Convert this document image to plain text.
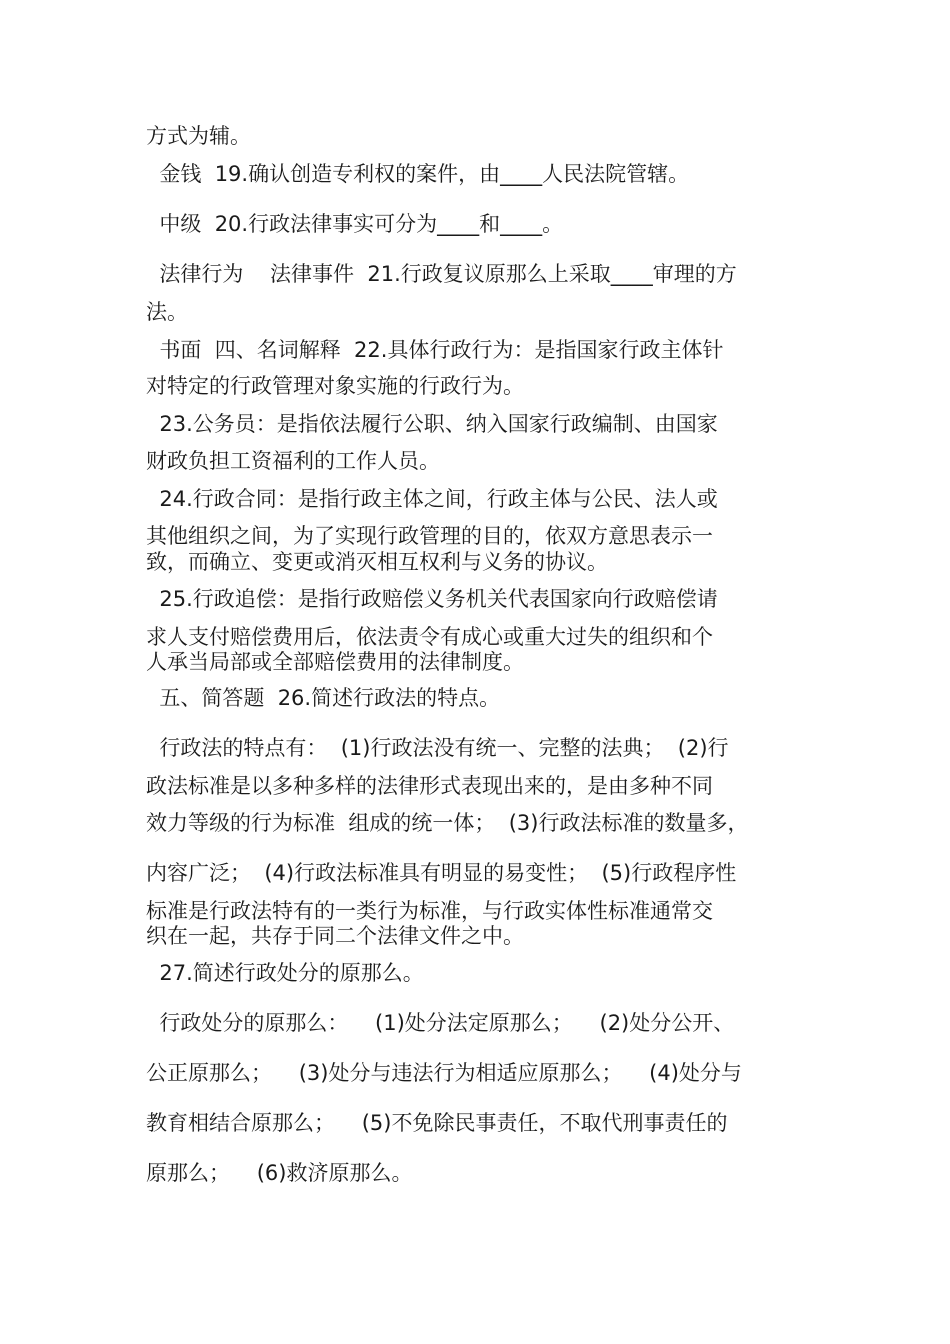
方式为辅。

金钱  19.确认创造专利权的案件，由____人民法院管辖。

中级  20.行政法律事实可分为____和____。

法律行为    法律事件  21.行政复议原那么上采取____审理的方

法。

书面  四、名词解释  22.具体行政行为：是指国家行政主体针

对特定的行政管理对象实施的行政行为。

23.公务员：是指依法履行公职、纳入国家行政编制、由国家

财政负担工资福利的工作人员。

24.行政合同：是指行政主体之间，行政主体与公民、法人或

其他组织之间，为了实现行政管理的目的，依双方意思表示一

致，而确立、变更或消灭相互权利与义务的协议。

25.行政追偿：是指行政赔偿义务机关代表国家向行政赔偿请

求人支付赔偿费用后，依法责令有成心或重大过失的组织和个

人承当局部或全部赔偿费用的法律制度。

五、简答题  26.简述行政法的特点。

行政法的特点有：  (1)行政法没有统一、完整的法典；  (2)行

政法标准是以多种多样的法律形式表现出来的，是由多种不同

效力等级的行为标准  组成的统一体；  (3)行政法标准的数量多，

内容广泛；  (4)行政法标准具有明显的易变性；  (5)行政程序性

标准是行政法特有的一类行为标准，与行政实体性标准通常交

织在一起，共存于同二个法律文件之中。

27.简述行政处分的原那么。

行政处分的原那么：    (1)处分法定原那么；    (2)处分公开、

公正原那么；    (3)处分与违法行为相适应原那么；    (4)处分与

教育相结合原那么；    (5)不免除民事责任，不取代刑事责任的

原那么；    (6)救济原那么。
